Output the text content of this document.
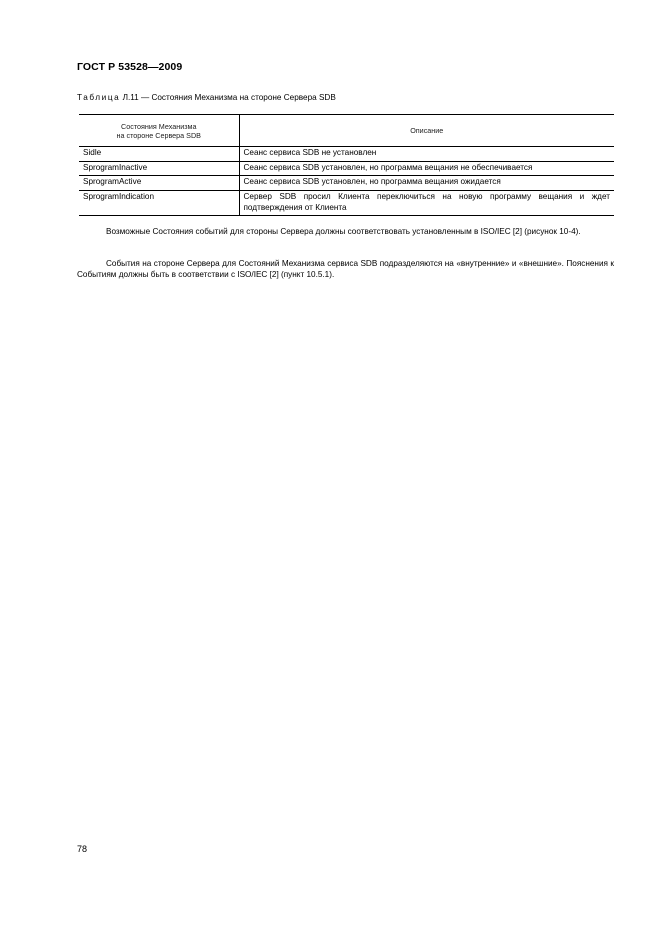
ГОСТ Р 53528—2009
Таблица Л.11 — Состояния Механизма на стороне Сервера SDB
Состояния Механизма
на стороне Сервера SDB	Описание
Sidle	Сеанс сервиса SDB не установлен
SprogramInactive	Сеанс сервиса SDB установлен, но программа вещания не обеспечивается
SprogramActive	Сеанс сервиса SDB установлен, но программа вещания ожидается
SprogramIndication	Сервер SDB просил Клиента переключиться на новую программу вещания и ждет подтверждения от Клиента

Возможные Состояния событий для стороны Сервера должны соответствовать установленным в ISO/IEC [2] (рисунок 10-4).

События на стороне Сервера для Состояний Механизма сервиса SDB подразделяются на «внутренние» и «внешние». Пояснения к Событиям должны быть в соответствии с ISO/IEC [2] (пункт 10.5.1).

78
